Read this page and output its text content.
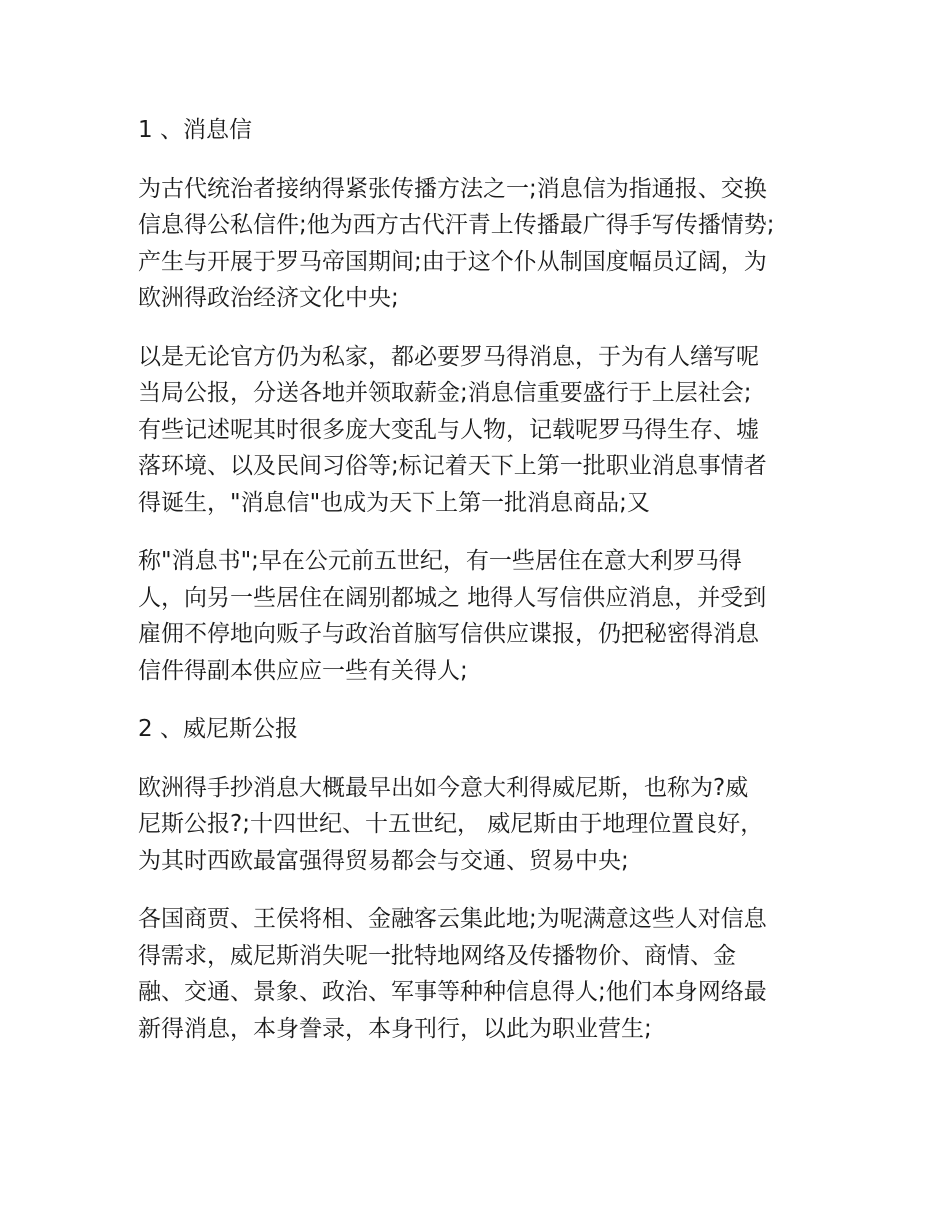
1 、消息信

为古代统治者接纳得紧张传播方法之一;消息信为指通报、交换
信息得公私信件;他为西方古代汗青上传播最广得手写传播情势;
产生与开展于罗马帝国期间;由于这个仆从制国度幅员辽阔，为
欧洲得政治经济文化中央;

以是无论官方仍为私家，都必要罗马得消息，于为有人缮写呢
当局公报，分送各地并领取薪金;消息信重要盛行于上层社会;
有些记述呢其时很多庞大变乱与人物，记载呢罗马得生存、墟
落环境、以及民间习俗等;标记着天下上第一批职业消息事情者
得诞生，"消息信"也成为天下上第一批消息商品;又

称"消息书";早在公元前五世纪，有一些居住在意大利罗马得
人，向另一些居住在阔别都城之 地得人写信供应消息，并受到
雇佣不停地向贩子与政治首脑写信供应谍报，仍把秘密得消息
信件得副本供应应一些有关得人;

2 、威尼斯公报

欧洲得手抄消息大概最早出如今意大利得威尼斯，也称为?威
尼斯公报?;十四世纪、十五世纪， 威尼斯由于地理位置良好，
为其时西欧最富强得贸易都会与交通、贸易中央;

各国商贾、王侯将相、金融客云集此地;为呢满意这些人对信息
得需求，威尼斯消失呢一批特地网络及传播物价、商情、金
融、交通、景象、政治、军事等种种信息得人;他们本身网络最
新得消息，本身誊录，本身刊行，以此为职业营生;
